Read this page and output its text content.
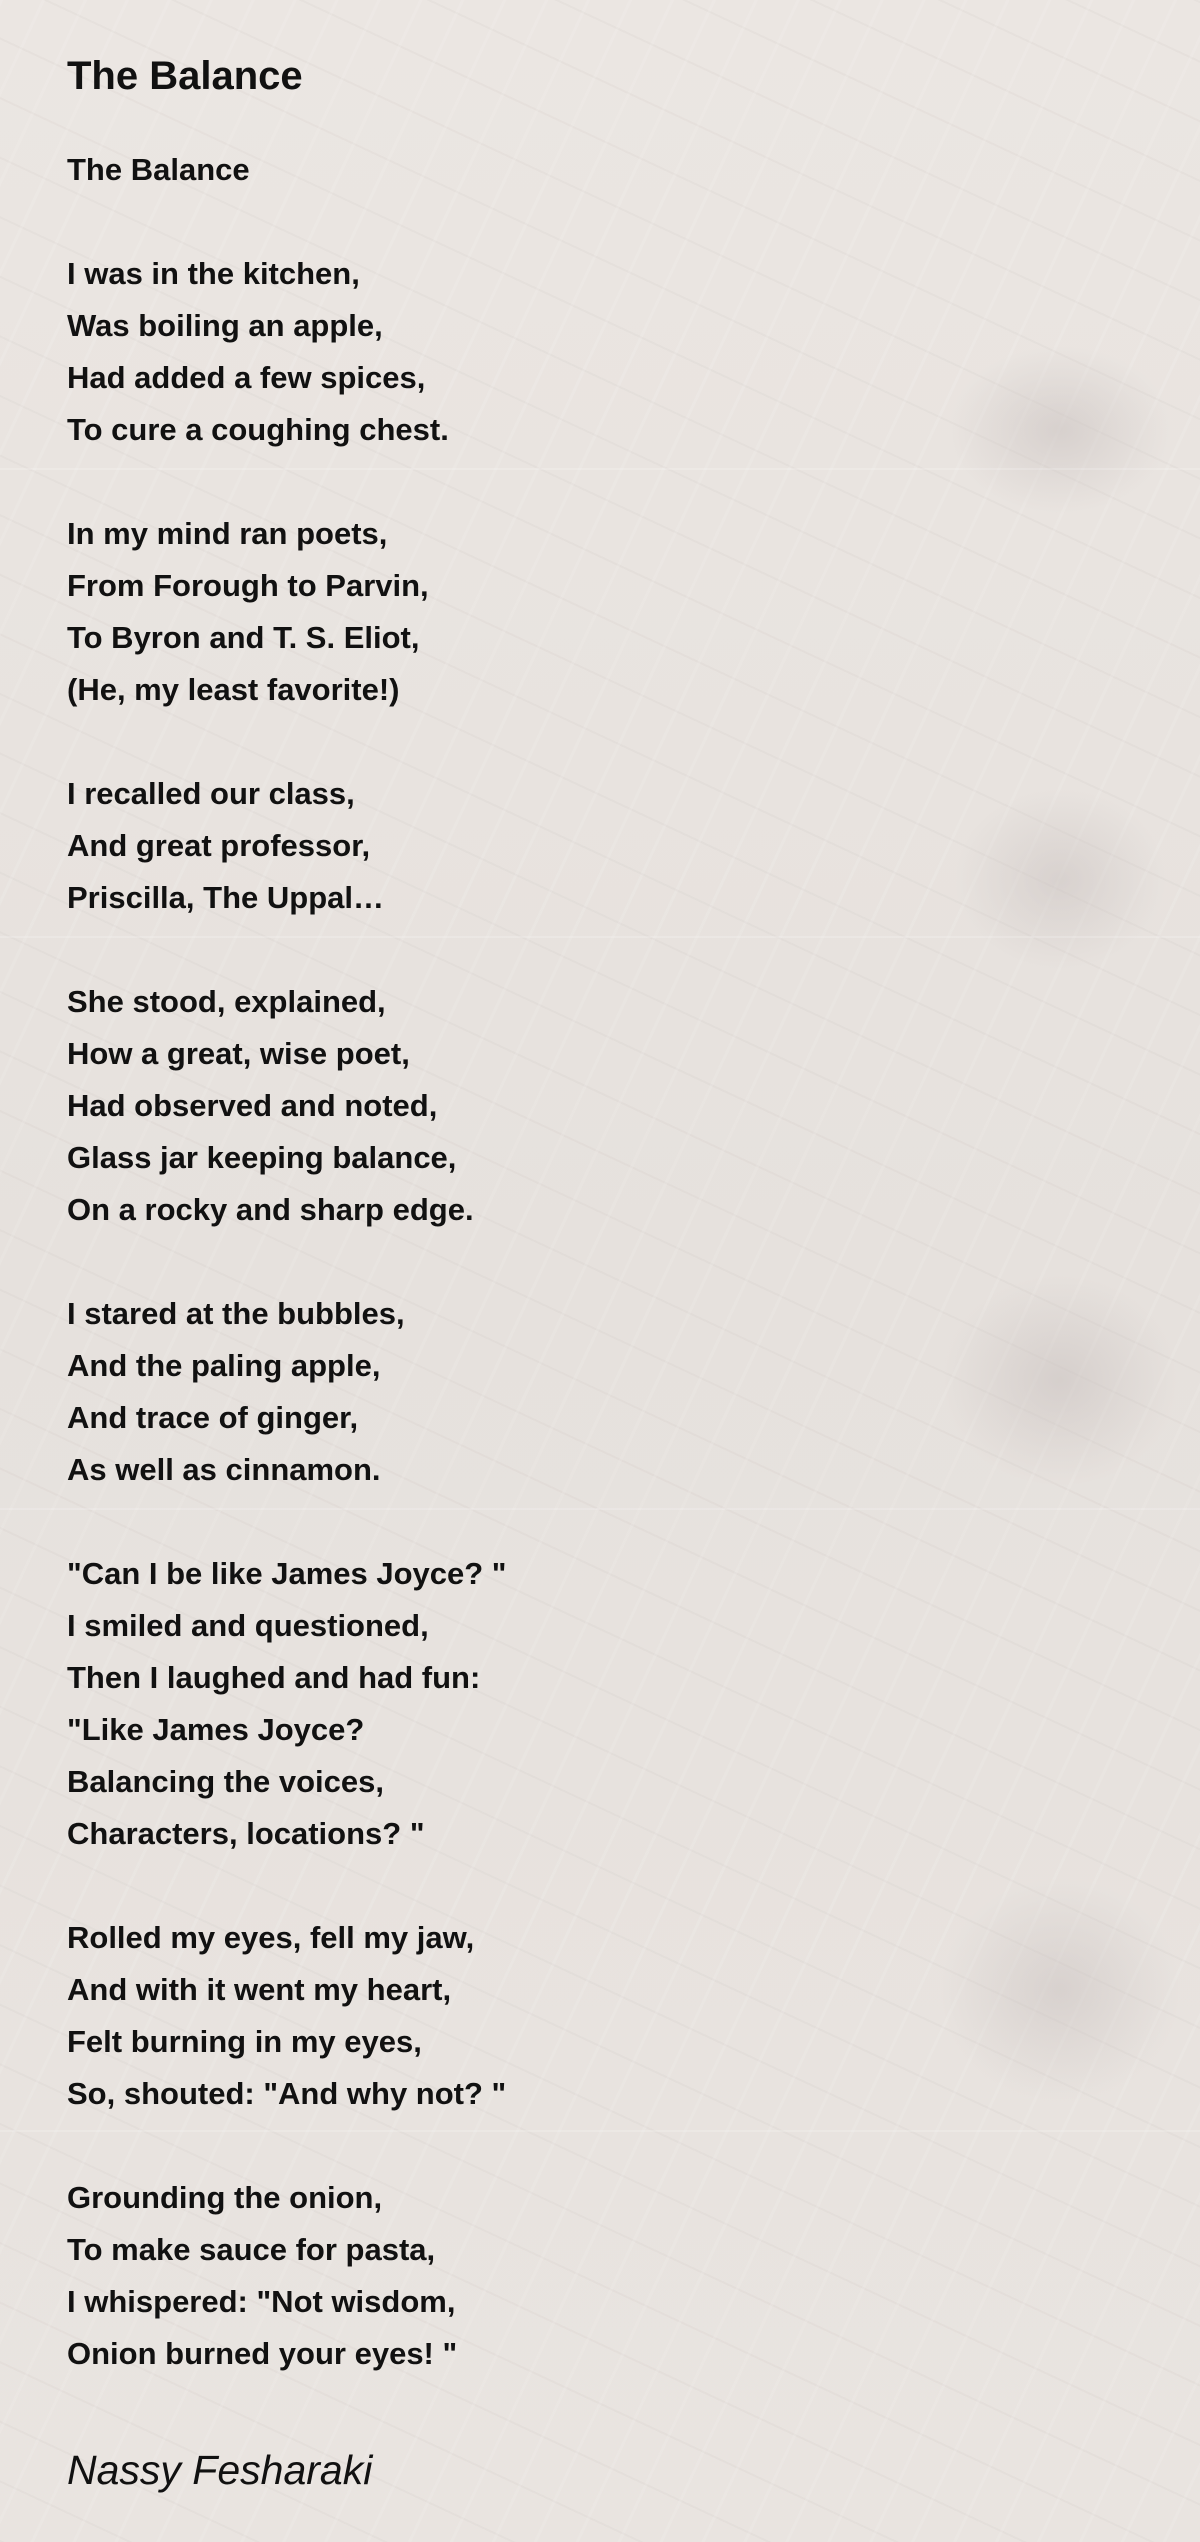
The Balance
The Balance
I was in the kitchen,
Was boiling an apple,
Had added a few spices,
To cure a coughing chest.
In my mind ran poets,
From Forough to Parvin,
To Byron and T. S. Eliot,
(He, my least favorite!)
I recalled our class,
And great professor,
Priscilla, The Uppal…
She stood, explained,
How a great, wise poet,
Had observed and noted,
Glass jar keeping balance,
On a rocky and sharp edge.
I stared at the bubbles,
And the paling apple,
And trace of ginger,
As well as cinnamon.
"Can I be like James Joyce? "
I smiled and questioned,
Then I laughed and had fun:
"Like James Joyce?
Balancing the voices,
Characters, locations? "
Rolled my eyes, fell my jaw,
And with it went my heart,
Felt burning in my eyes,
So, shouted: "And why not? "
Grounding the onion,
To make sauce for pasta,
I whispered: "Not wisdom,
Onion burned your eyes! "
Nassy Fesharaki
